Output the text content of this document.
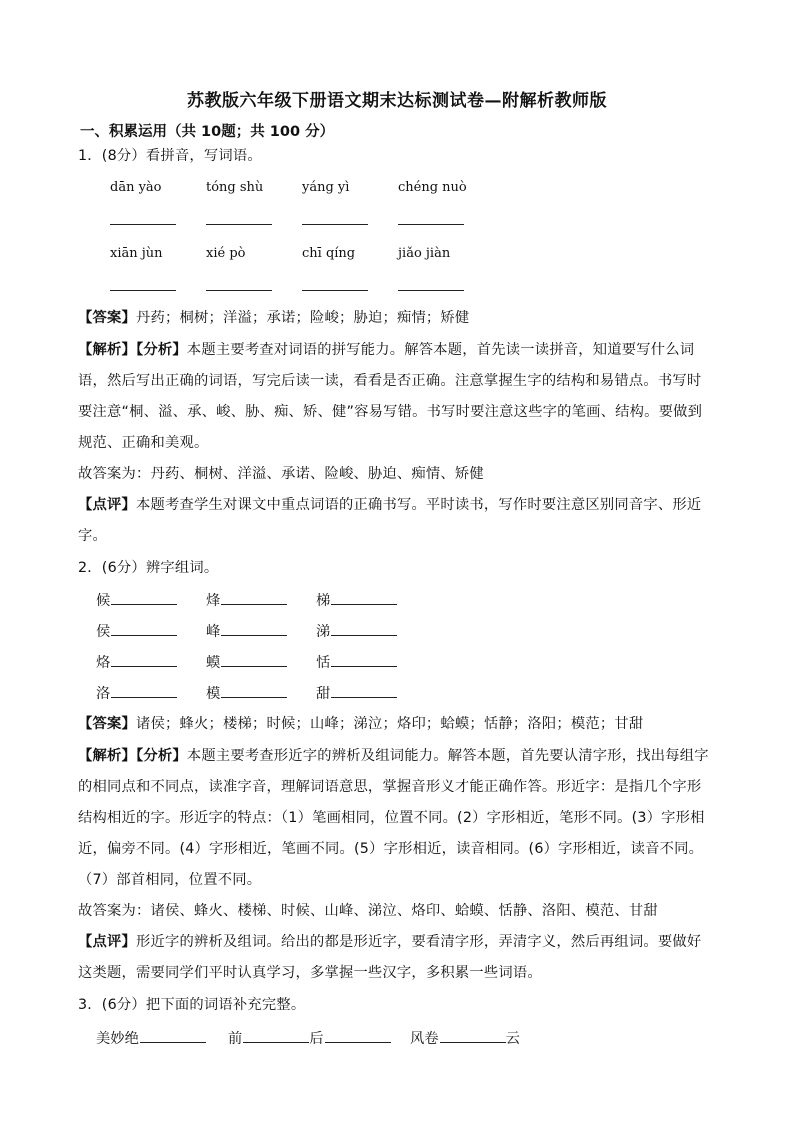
苏教版六年级下册语文期末达标测试卷—附解析教师版
一、积累运用（共 10题；共 100 分）
1．(8分）看拼音，写词语。
dān yào	tóng shù	yáng yì	chéng nuò
xiān jùn	xié pò	chī qíng	jiǎo jiàn
【答案】丹药；桐树；洋溢；承诺；险峻；胁迫；痴情；矫健
【解析】【分析】本题主要考查对词语的拼写能力。解答本题，首先读一读拼音，知道要写什么词
语，然后写出正确的词语，写完后读一读，看看是否正确。注意掌握生字的结构和易错点。书写时
要注意“桐、溢、承、峻、胁、痴、矫、健”容易写错。书写时要注意这些字的笔画、结构。要做到
规范、正确和美观。
故答案为：丹药、桐树、洋溢、承诺、险峻、胁迫、痴情、矫健
【点评】本题考查学生对课文中重点词语的正确书写。平时读书，写作时要注意区别同音字、形近
字。
2．(6分）辨字组词。
候	烽	梯
侯	峰	涕
烙	蟆	恬
洛	模	甜
【答案】诸侯；蜂火；楼梯；时候；山峰；涕泣；烙印；蛤蟆；恬静；洛阳；模范；甘甜
【解析】【分析】本题主要考查形近字的辨析及组词能力。解答本题，首先要认清字形，找出每组字
的相同点和不同点，读准字音，理解词语意思，掌握音形义才能正确作答。形近字：是指几个字形
结构相近的字。形近字的特点：（1）笔画相同，位置不同。(2）字形相近，笔形不同。(3）字形相
近，偏旁不同。(4）字形相近，笔画不同。(5）字形相近，读音相同。(6）字形相近，读音不同。
（7）部首相同，位置不同。
故答案为：诸侯、蜂火、楼梯、时候、山峰、涕泣、烙印、蛤蟆、恬静、洛阳、模范、甘甜
【点评】形近字的辨析及组词。给出的都是形近字，要看清字形，弄清字义，然后再组词。要做好
这类题，需要同学们平时认真学习，多掌握一些汉字，多积累一些词语。
3．(6分）把下面的词语补充完整。
美妙绝	前	后	风卷	云
